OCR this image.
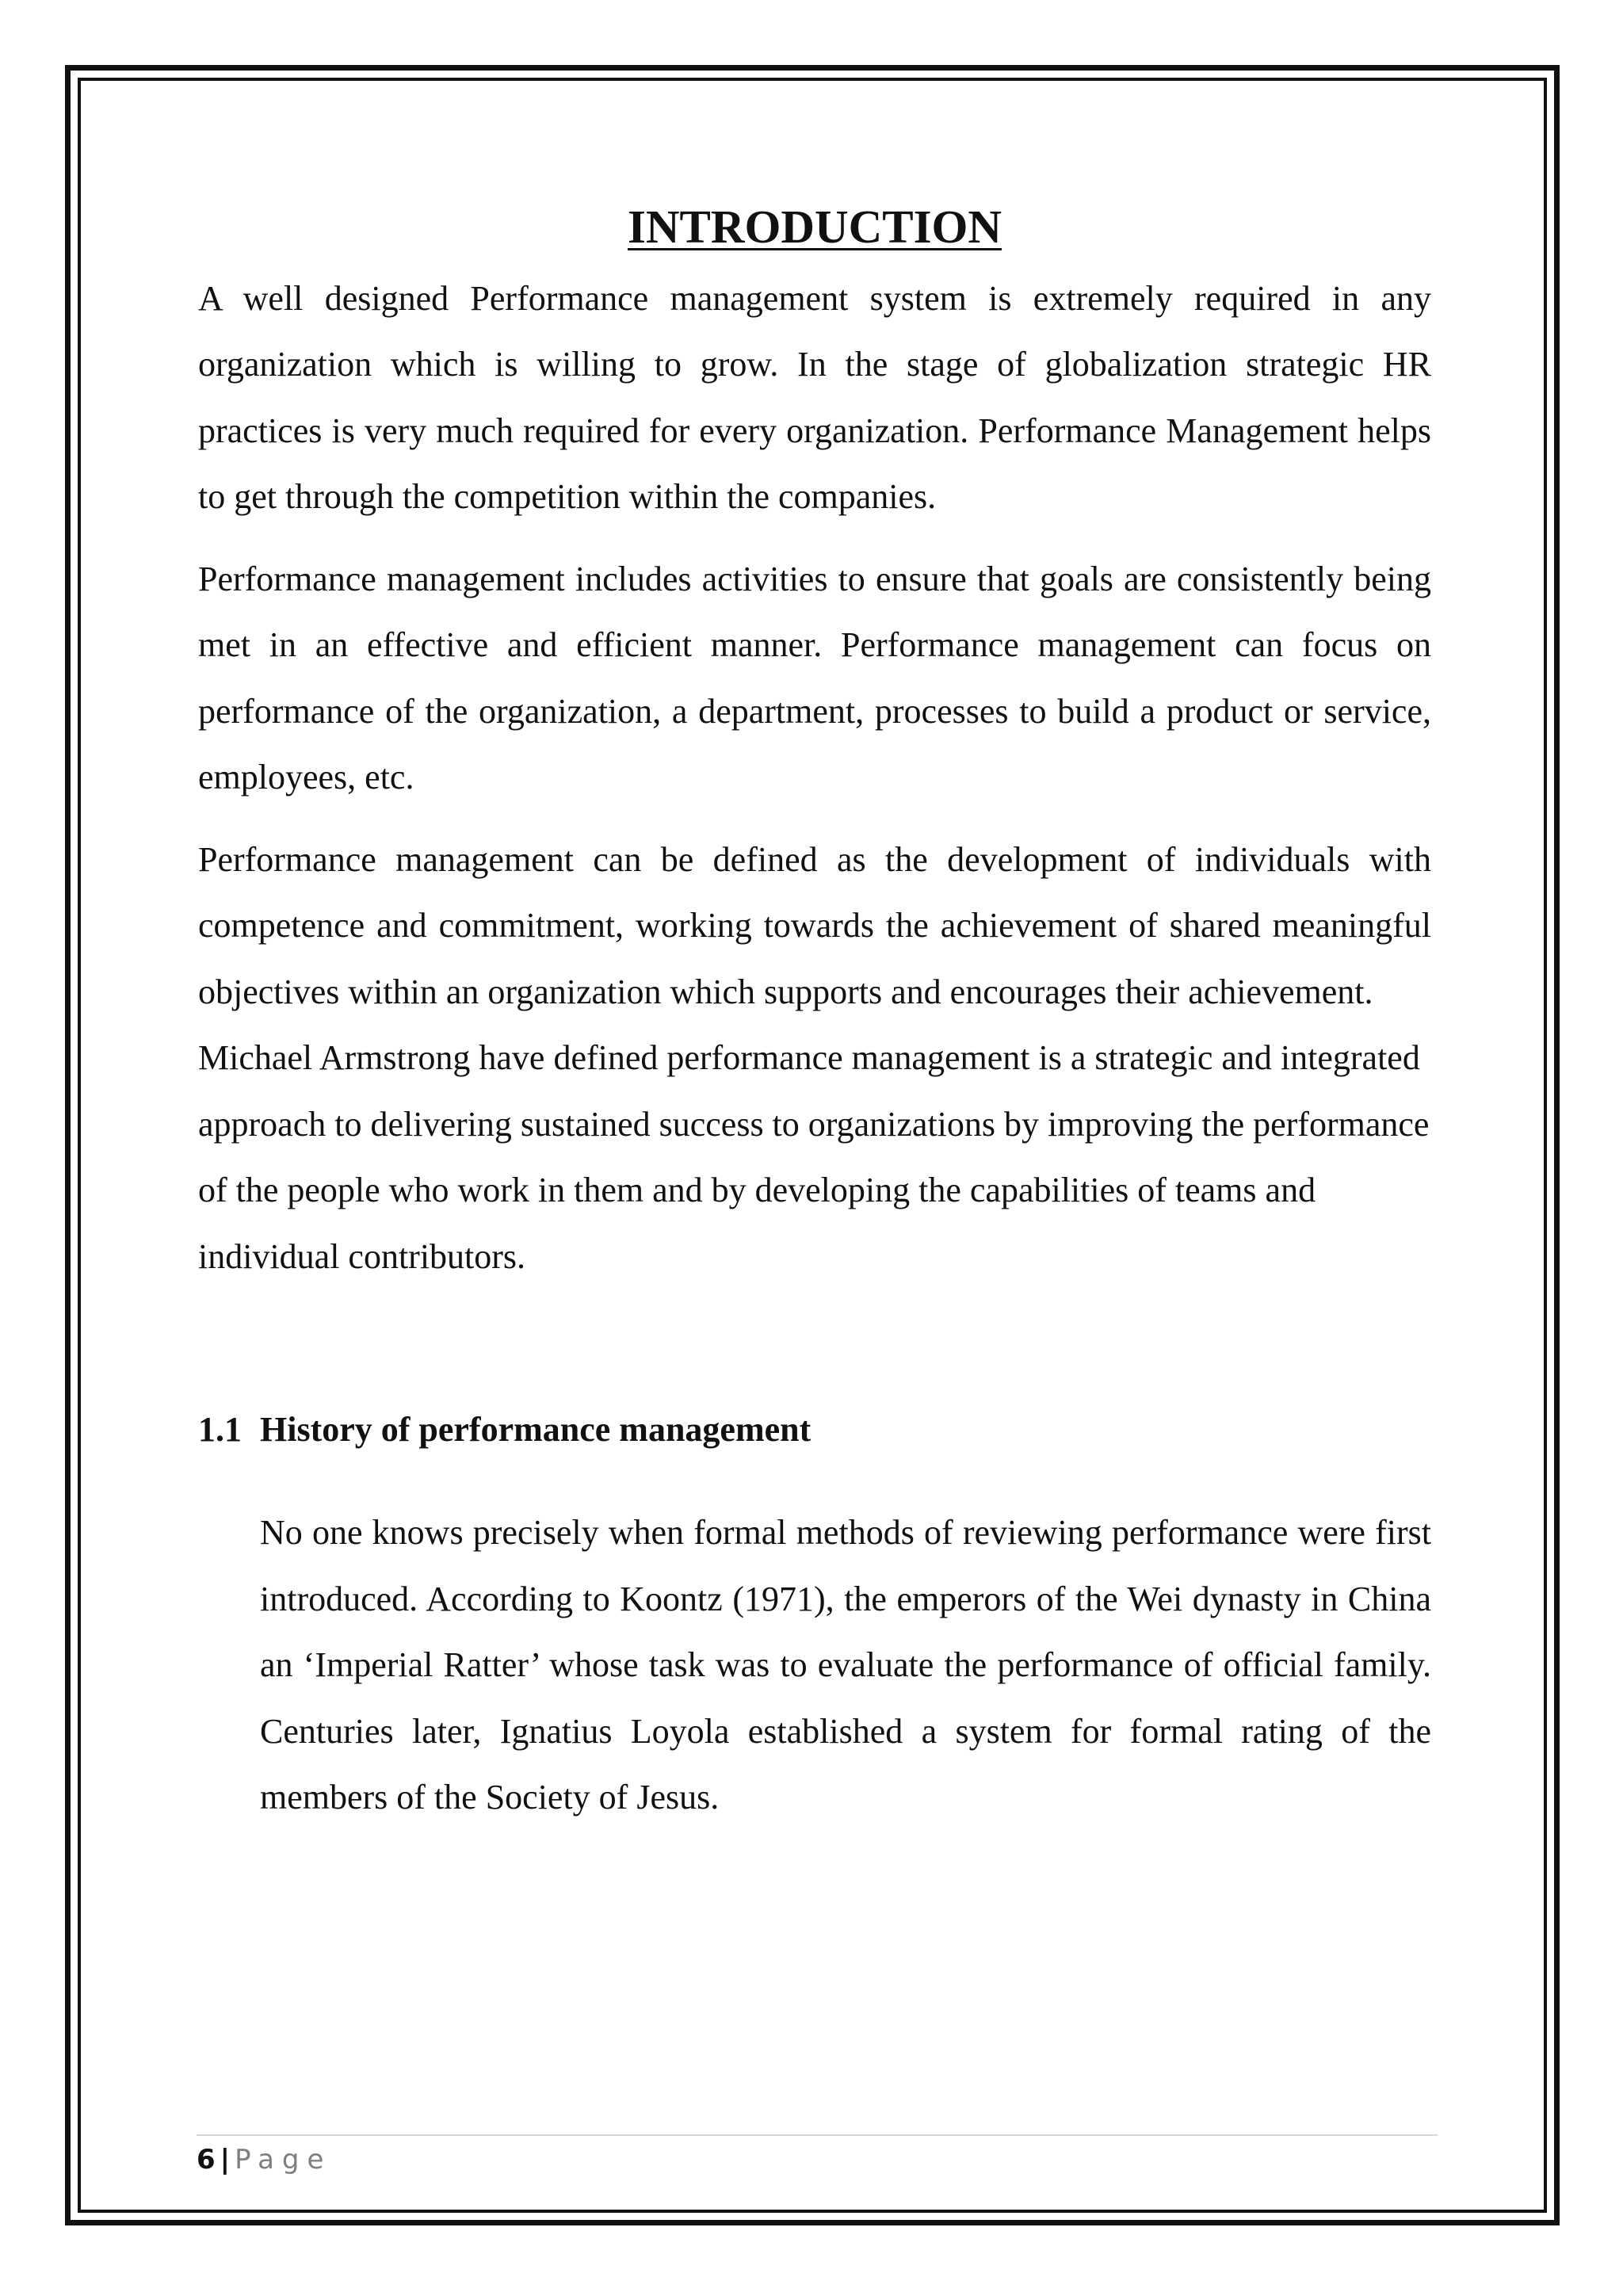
INTRODUCTION

A well designed Performance management system is extremely required in any organization which is willing to grow. In the stage of globalization strategic HR practices is very much required for every organization. Performance Management helps to get through the competition within the companies.

Performance management includes activities to ensure that goals are consistently being met in an effective and efficient manner. Performance management can focus on performance of the organization, a department, processes to build a product or service, employees, etc.

Performance management can be defined as the development of individuals with competence and commitment, working towards the achievement of shared meaningful objectives within an organization which supports and encourages their achievement.

Michael Armstrong have defined performance management is a strategic and integrated approach to delivering sustained success to organizations by improving the performance of the people who work in them and by developing the capabilities of teams and individual contributors.

1.1 History of performance management

No one knows precisely when formal methods of reviewing performance were first introduced. According to Koontz (1971), the emperors of the Wei dynasty in China an ‘Imperial Ratter’ whose task was to evaluate the performance of official family. Centuries later, Ignatius Loyola established a system for formal rating of the members of the Society of Jesus.

6 | Page
